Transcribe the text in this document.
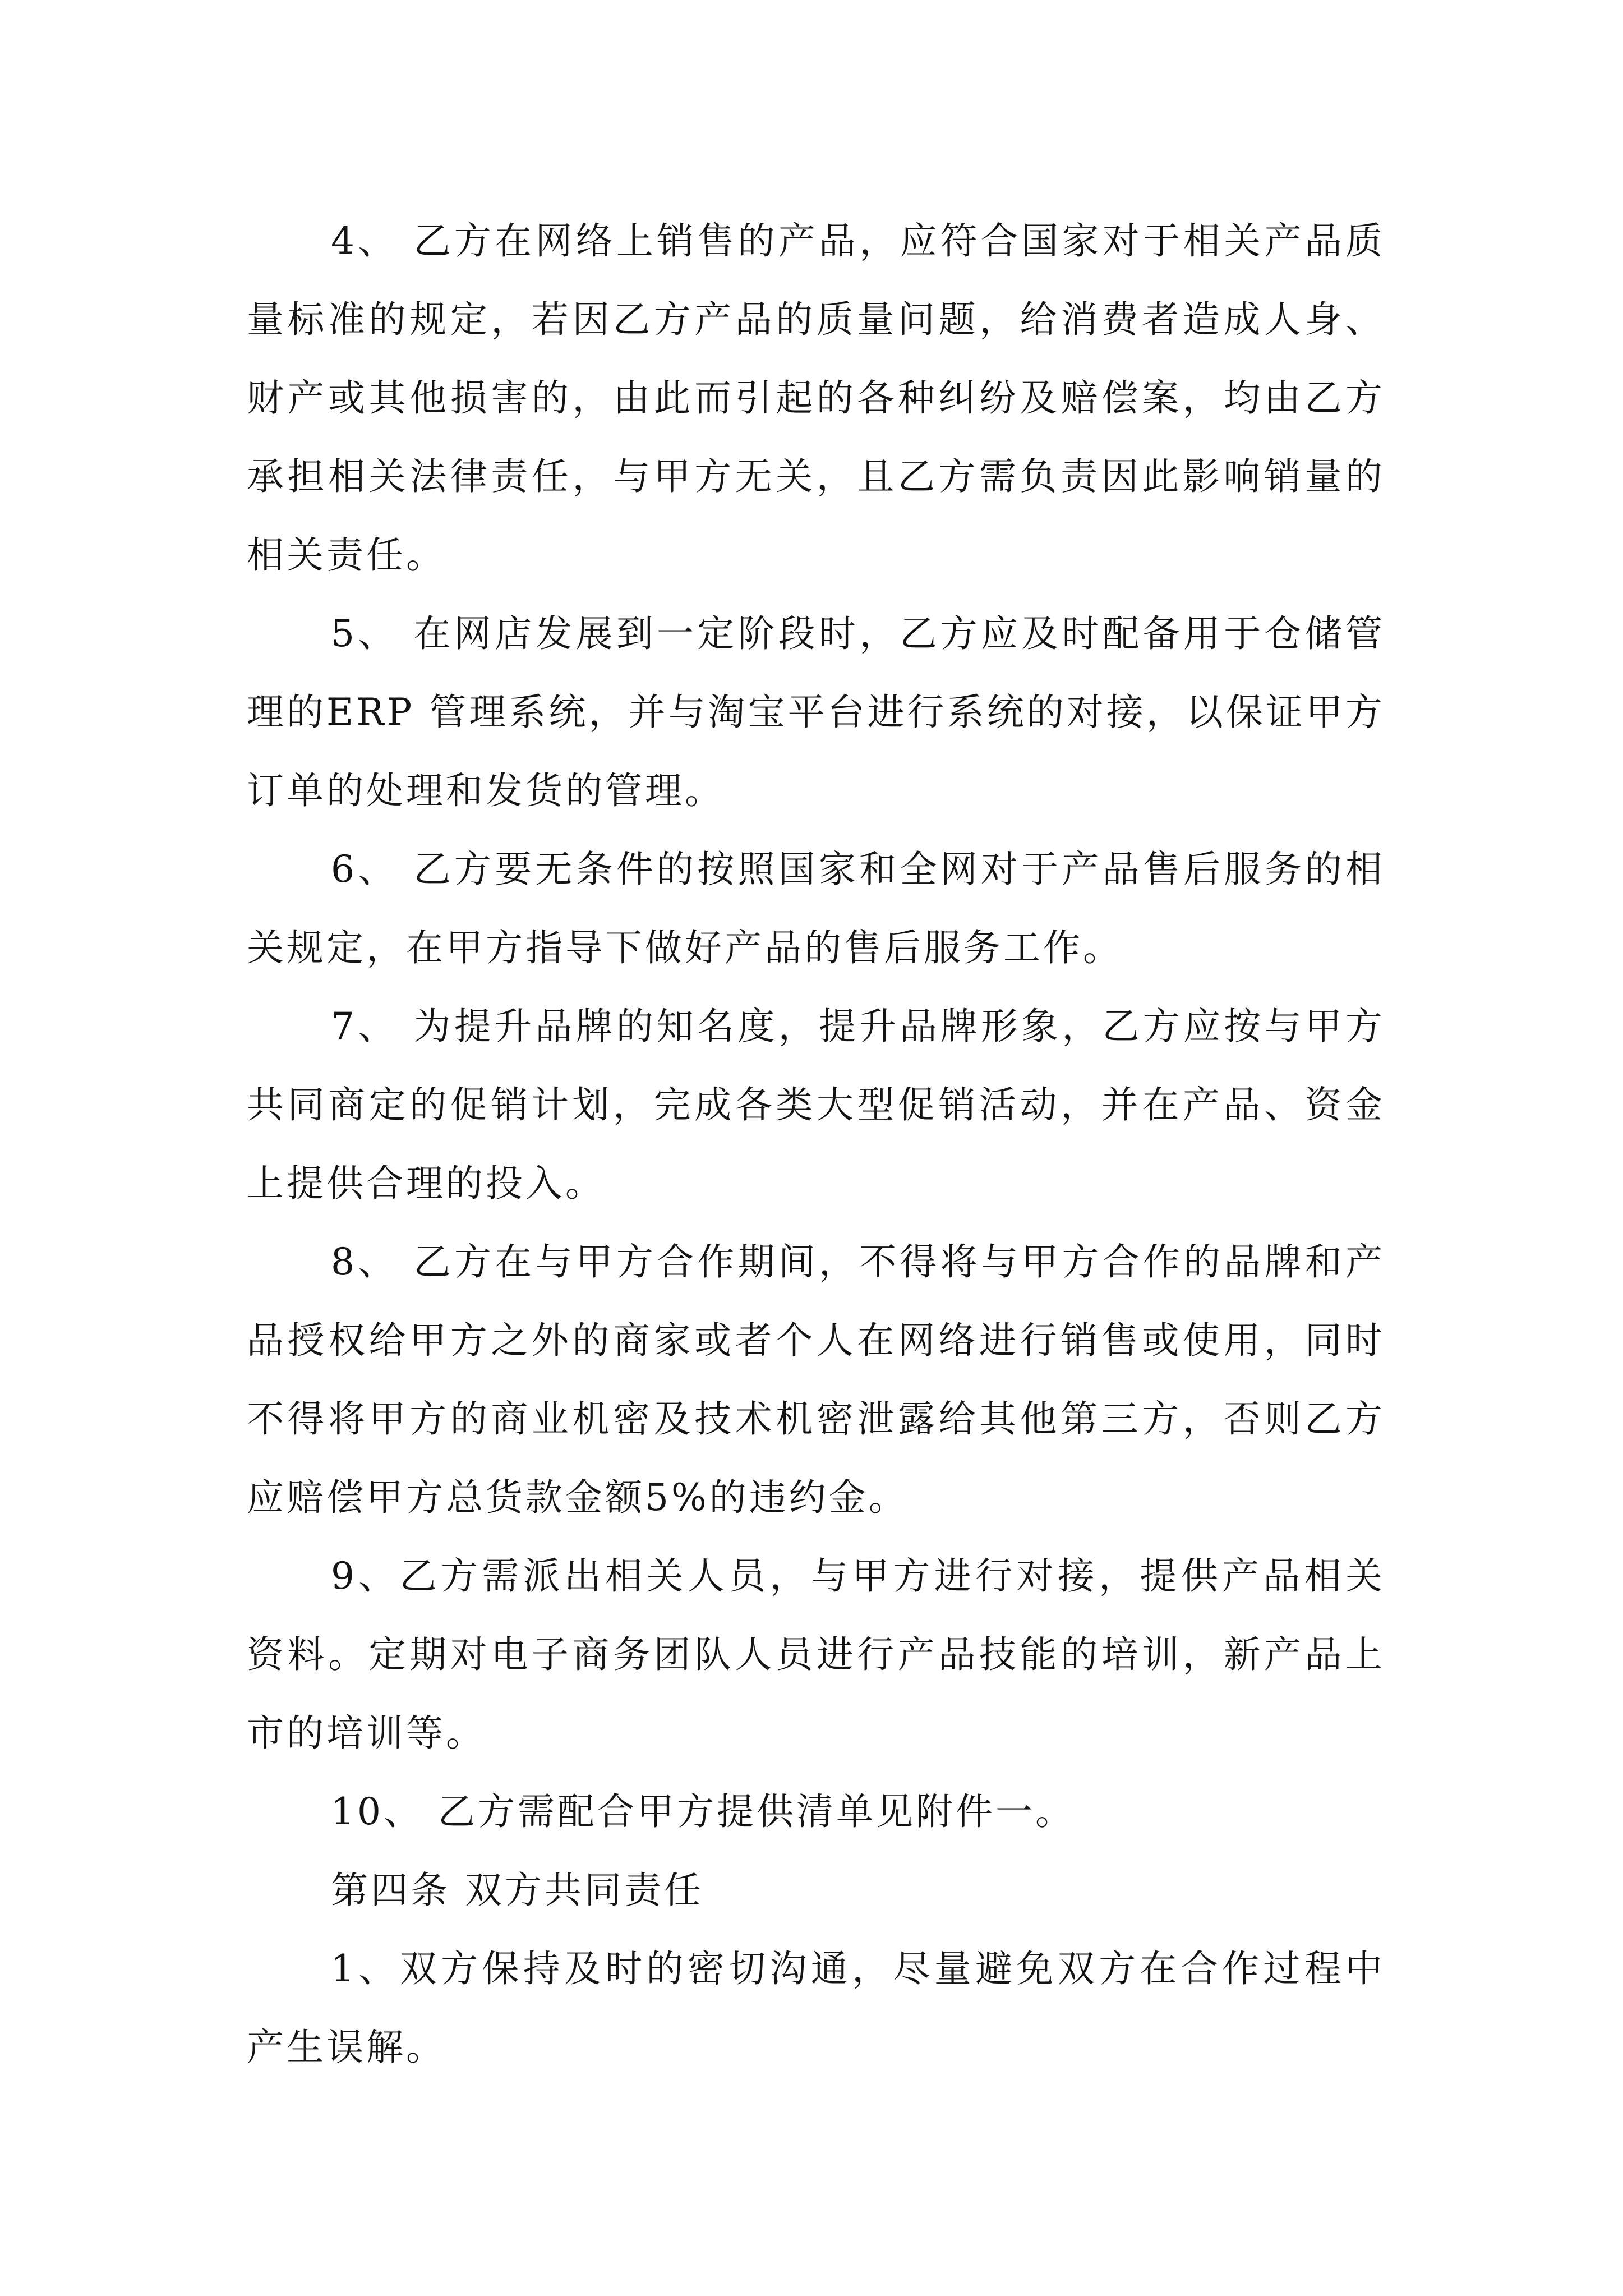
4、 乙方在网络上销售的产品，应符合国家对于相关产品质量标准的规定，若因乙方产品的质量问题，给消费者造成人身、财产或其他损害的，由此而引起的各种纠纷及赔偿案，均由乙方承担相关法律责任，与甲方无关，且乙方需负责因此影响销量的相关责任。

5、 在网店发展到一定阶段时，乙方应及时配备用于仓储管理的ERP 管理系统，并与淘宝平台进行系统的对接，以保证甲方订单的处理和发货的管理。

6、 乙方要无条件的按照国家和全网对于产品售后服务的相关规定，在甲方指导下做好产品的售后服务工作。

7、 为提升品牌的知名度，提升品牌形象，乙方应按与甲方共同商定的促销计划，完成各类大型促销活动，并在产品、资金上提供合理的投入。

8、 乙方在与甲方合作期间，不得将与甲方合作的品牌和产品授权给甲方之外的商家或者个人在网络进行销售或使用，同时不得将甲方的商业机密及技术机密泄露给其他第三方，否则乙方应赔偿甲方总货款金额5%的违约金。

9、乙方需派出相关人员，与甲方进行对接，提供产品相关资料。定期对电子商务团队人员进行产品技能的培训，新产品上市的培训等。

10、 乙方需配合甲方提供清单见附件一。

第四条 双方共同责任

1、双方保持及时的密切沟通，尽量避免双方在合作过程中产生误解。
